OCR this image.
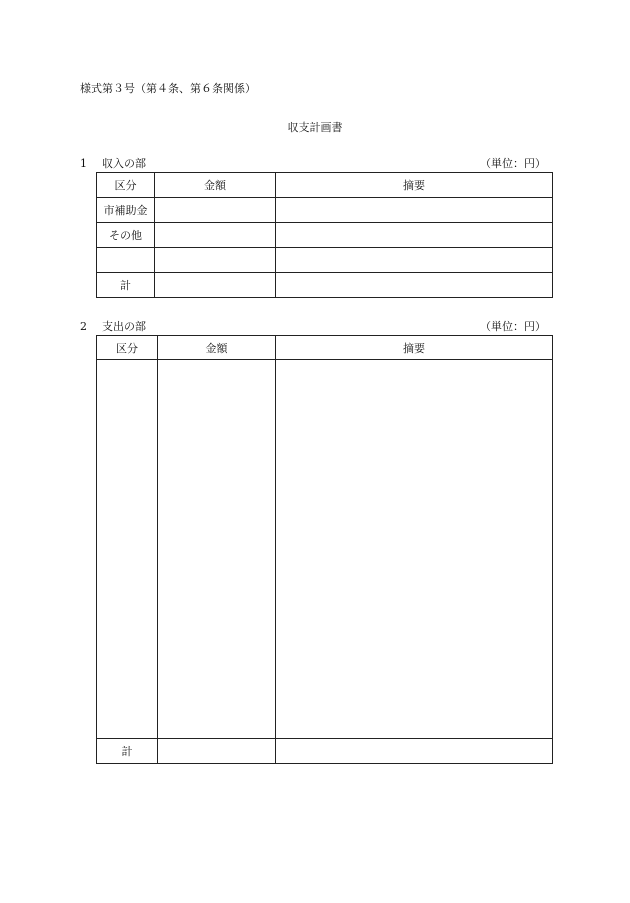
様式第３号（第４条、第６条関係）
収支計画書
1 収入の部	（単位：円）
区分	金額	摘要
市補助金		
その他		

計		
2 支出の部	（単位：円）
区分	金額	摘要

計		
